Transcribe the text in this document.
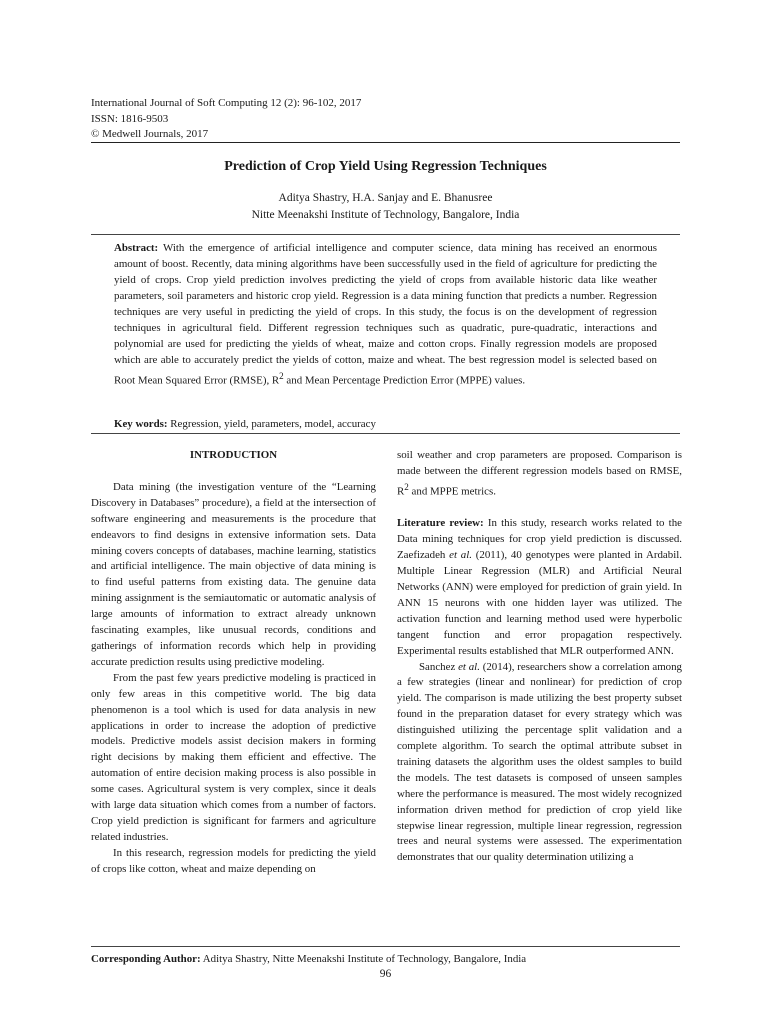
International Journal of Soft Computing 12 (2): 96-102, 2017
ISSN: 1816-9503
© Medwell Journals, 2017
Prediction of Crop Yield Using Regression Techniques
Aditya Shastry, H.A. Sanjay and E. Bhanusree
Nitte Meenakshi Institute of Technology, Bangalore, India

Abstract: With the emergence of artificial intelligence and computer science, data mining has received an enormous amount of boost. Recently, data mining algorithms have been successfully used in the field of agriculture for predicting the yield of crops. Crop yield prediction involves predicting the yield of crops from available historic data like weather parameters, soil parameters and historic crop yield. Regression is a data mining function that predicts a number. Regression techniques are very useful in predicting the yield of crops. In this study, the focus is on the development of regression techniques in agricultural field. Different regression techniques such as quadratic, pure-quadratic, interactions and polynomial are used for predicting the yields of wheat, maize and cotton crops. Finally regression models are proposed which are able to accurately predict the yields of cotton, maize and wheat. The best regression model is selected based on Root Mean Squared Error (RMSE), $R^2$ and Mean Percentage Prediction Error (MPPE) values.

Key words: Regression, yield, parameters, model, accuracy

INTRODUCTION

Data mining (the investigation venture of the “Learning Discovery in Databases” procedure), a field at the intersection of software engineering and measurements is the procedure that endeavors to find designs in extensive information sets. Data mining covers concepts of databases, machine learning, statistics and artificial intelligence. The main objective of data mining is to find useful patterns from existing data. The genuine data mining assignment is the semiautomatic or automatic analysis of large amounts of information to extract already unknown fascinating examples, like unusual records, conditions and gatherings of information records which help in providing accurate prediction results using predictive modeling.

From the past few years predictive modeling is practiced in only few areas in this competitive world. The big data phenomenon is a tool which is used for data analysis in new applications in order to increase the adoption of predictive models. Predictive models assist decision makers in forming right decisions by making them efficient and effective. The automation of entire decision making process is also possible in some cases. Agricultural system is very complex, since it deals with large data situation which comes from a number of factors. Crop yield prediction is significant for farmers and agriculture related industries.

In this research, regression models for predicting the yield of crops like cotton, wheat and maize depending on

soil weather and crop parameters are proposed. Comparison is made between the different regression models based on RMSE, $R^2$ and MPPE metrics.

Literature review: In this study, research works related to the Data mining techniques for crop yield prediction is discussed. Zaefizadeh et al. (2011), 40 genotypes were planted in Ardabil. Multiple Linear Regression (MLR) and Artificial Neural Networks (ANN) were employed for prediction of grain yield. In ANN 15 neurons with one hidden layer was utilized. The activation function and learning method used were hyperbolic tangent function and error propagation respectively. Experimental results established that MLR outperformed ANN.

Sanchez et al. (2014), researchers show a correlation among a few strategies (linear and nonlinear) for prediction of crop yield. The comparison is made utilizing the best property subset found in the preparation dataset for every strategy which was distinguished utilizing the percentage split validation and a complete algorithm. To search the optimal attribute subset in training datasets the algorithm uses the oldest samples to build the models. The test datasets is composed of unseen samples where the performance is measured. The most widely recognized information driven method for prediction of crop yield like stepwise linear regression, multiple linear regression, regression trees and neural systems were assessed. The experimentation demonstrates that our quality determination utilizing a

Corresponding Author: Aditya Shastry, Nitte Meenakshi Institute of Technology, Bangalore, India
96
